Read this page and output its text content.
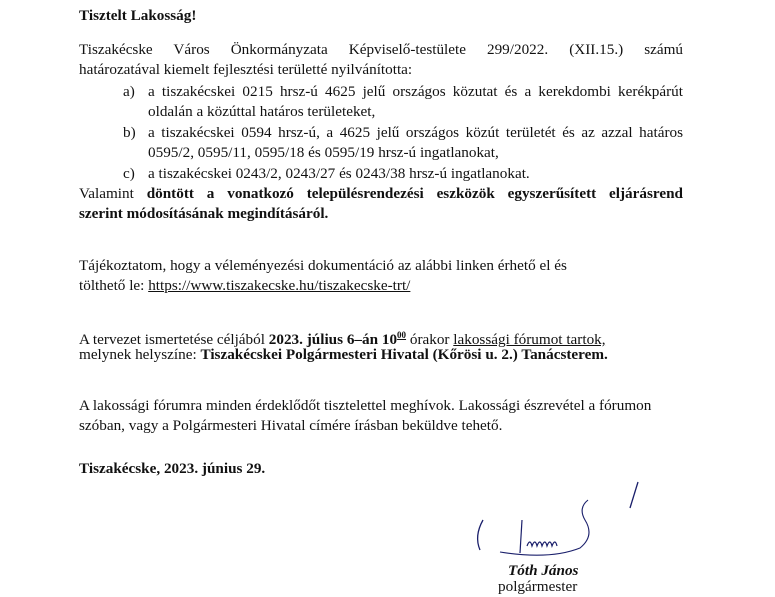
Tisztelt Lakosság!
Tiszakécske Város Önkormányzata Képviselő-testülete 299/2022. (XII.15.) számú
határozatával kiemelt fejlesztési területté nyilvánította:
a) a tiszakécskei 0215 hrsz-ú 4625 jelű országos közutat és a kerekdombi kerékpárút
oldalán a közúttal határos területeket,
b) a tiszakécskei 0594 hrsz-ú, a 4625 jelű országos közút területét és az azzal határos
0595/2, 0595/11, 0595/18 és 0595/19 hrsz-ú ingatlanokat,
c) a tiszakécskei 0243/2, 0243/27 és 0243/38 hrsz-ú ingatlanokat.
Valamint döntött a vonatkozó településrendezési eszközök egyszerűsített eljárásrend
szerint módosításának megindításáról.
Tájékoztatom, hogy a véleményezési dokumentáció az alábbi linken érhető el és
tölthető le: https://www.tiszakecske.hu/tiszakecske-trt/
A tervezet ismertetése céljából 2023. július 6–án $10^{00}$ órakor lakossági fórumot tartok,
melynek helyszíne: Tiszakécskei Polgármesteri Hivatal (Kőrösi u. 2.) Tanácsterem.
A lakossági fórumra minden érdeklődőt tisztelettel meghívok. Lakossági észrevétel a fórumon
szóban, vagy a Polgármesteri Hivatal címére írásban beküldve tehető.
Tiszakécske, 2023. június 29.
Tóth János
polgármester
